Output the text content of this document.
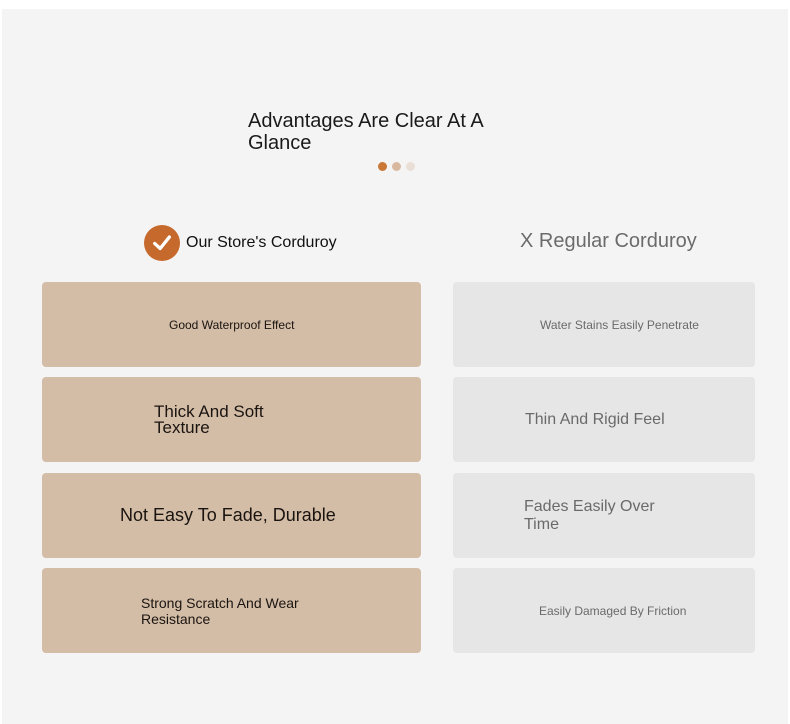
Advantages Are Clear At A Glance
Our Store's Corduroy	X Regular Corduroy
Good Waterproof Effect
Thick And Soft Texture
Not Easy To Fade, Durable
Strong Scratch And Wear Resistance
Water Stains Easily Penetrate
Thin And Rigid Feel
Fades Easily Over Time
Easily Damaged By Friction
